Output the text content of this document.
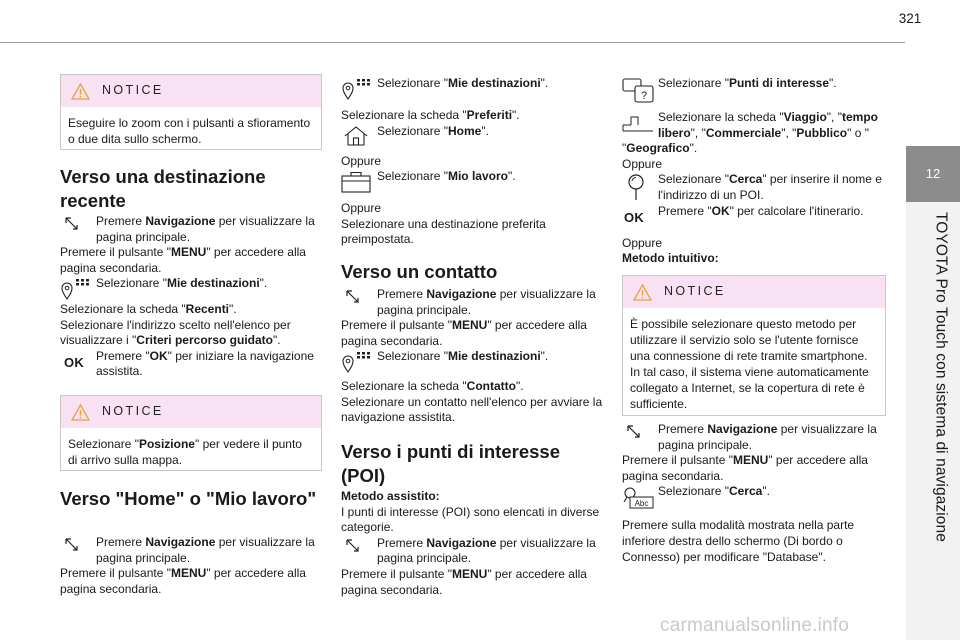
321
12
TOYOTA Pro Touch con sistema di navigazione
NOTICE
Eseguire lo zoom con i pulsanti a sfioramento o due dita sullo schermo.
Verso una destinazione recente
Premere Navigazione per visualizzare la pagina principale.
Premere il pulsante "MENU" per accedere alla pagina secondaria.
Selezionare "Mie destinazioni".
Selezionare la scheda "Recenti".
Selezionare l'indirizzo scelto nell'elenco per visualizzare i "Criteri percorso guidato".
OK Premere "OK" per iniziare la navigazione assistita.
NOTICE
Selezionare "Posizione" per vedere il punto di arrivo sulla mappa.
Verso "Home" o "Mio lavoro"
Premere Navigazione per visualizzare la pagina principale.
Premere il pulsante "MENU" per accedere alla pagina secondaria.
Selezionare "Mie destinazioni".
Selezionare la scheda "Preferiti".
Selezionare "Home".
Oppure
Selezionare "Mio lavoro".
Oppure
Selezionare una destinazione preferita preimpostata.
Verso un contatto
Premere Navigazione per visualizzare la pagina principale.
Premere il pulsante "MENU" per accedere alla pagina secondaria.
Selezionare "Mie destinazioni".
Selezionare la scheda "Contatto".
Selezionare un contatto nell'elenco per avviare la navigazione assistita.
Verso i punti di interesse (POI)
Metodo assistito:
I punti di interesse (POI) sono elencati in diverse categorie.
Premere Navigazione per visualizzare la pagina principale.
Premere il pulsante "MENU" per accedere alla pagina secondaria.
?
Selezionare "Punti di interesse".
Selezionare la scheda "Viaggio", "tempo libero", "Commerciale", "Pubblico" o "
"Geografico".
Oppure
Selezionare "Cerca" per inserire il nome e l'indirizzo di un POI.
OK Premere "OK" per calcolare l'itinerario.
Oppure
Metodo intuitivo:
NOTICE
È possibile selezionare questo metodo per utilizzare il servizio solo se l'utente fornisce una connessione di rete tramite smartphone. In tal caso, il sistema viene automaticamente collegato a Internet, se la copertura di rete è sufficiente.
Premere Navigazione per visualizzare la pagina principale.
Premere il pulsante "MENU" per accedere alla pagina secondaria.
Abc
Selezionare "Cerca".
Premere sulla modalità mostrata nella parte inferiore destra dello schermo (Di bordo o Connesso) per modificare "Database".
carmanualsonline.info
